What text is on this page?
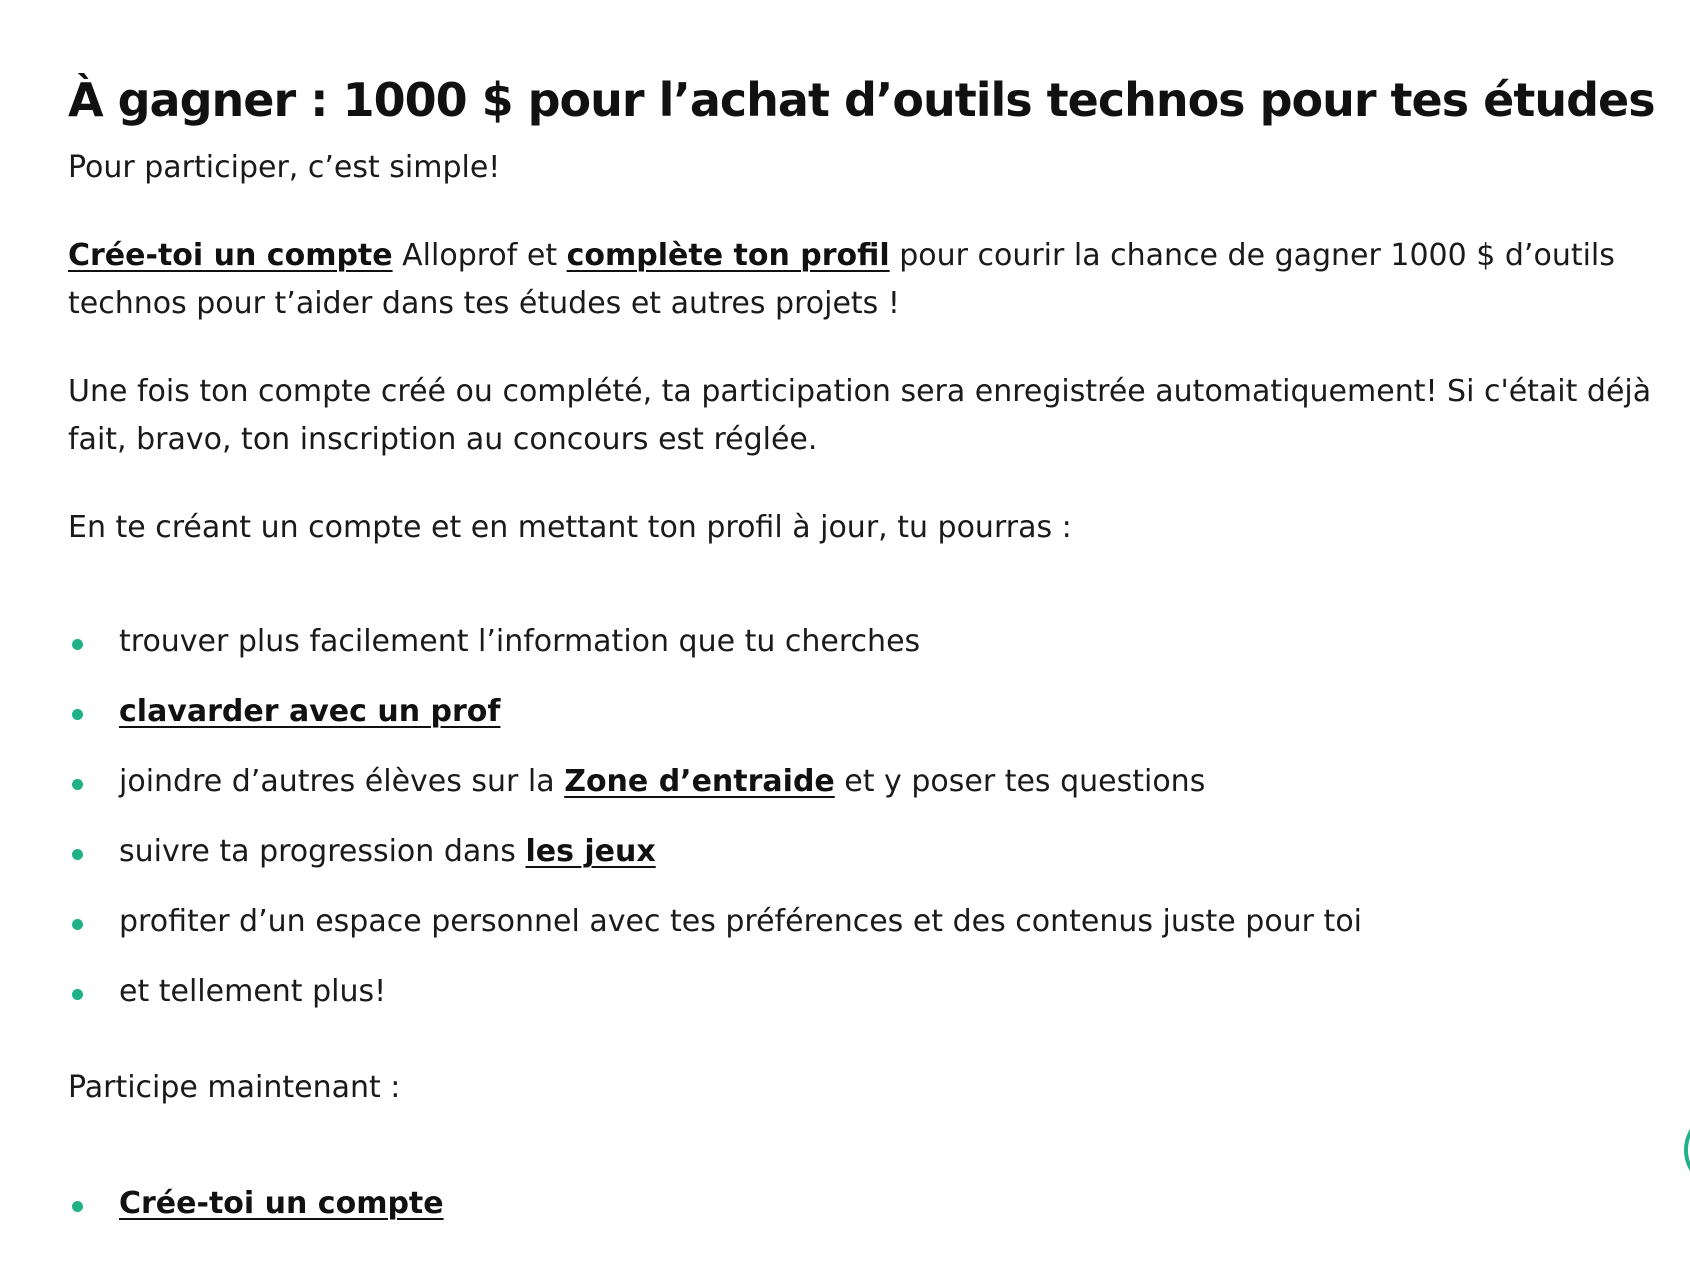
À gagner : 1000 $ pour l’achat d’outils technos pour tes études

Pour participer, c’est simple!

Crée-toi un compte Alloprof et complète ton profil pour courir la chance de gagner 1000 $ d’outils
technos pour t’aider dans tes études et autres projets !

Une fois ton compte créé ou complété, ta participation sera enregistrée automatiquement! Si c'était déjà
fait, bravo, ton inscription au concours est réglée.

En te créant un compte et en mettant ton profil à jour, tu pourras :

trouver plus facilement l’information que tu cherches
clavarder avec un prof
joindre d’autres élèves sur la Zone d’entraide et y poser tes questions
suivre ta progression dans les jeux
profiter d’un espace personnel avec tes préférences et des contenus juste pour toi
et tellement plus!

Participe maintenant :

Crée-toi un compte
